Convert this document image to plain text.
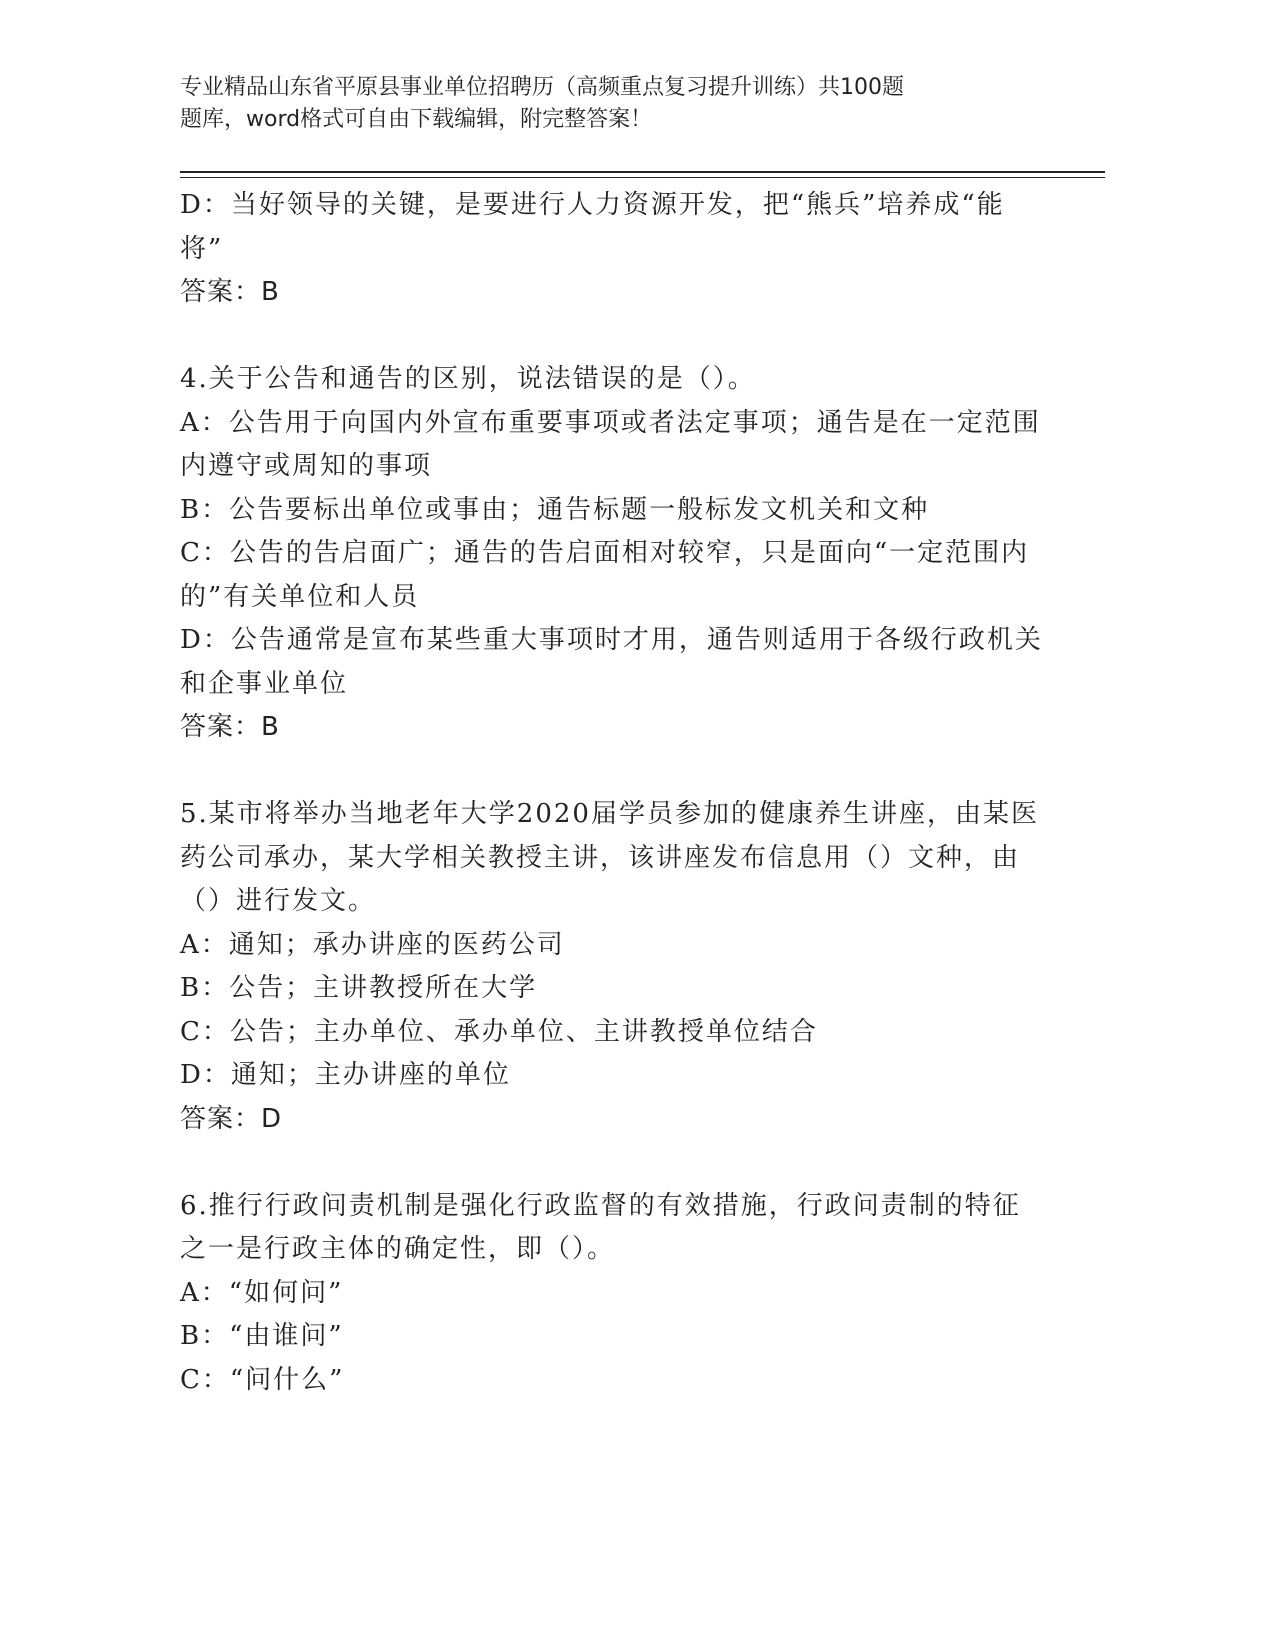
专业精品山东省平原县事业单位招聘历（高频重点复习提升训练）共100题
题库，word格式可自由下载编辑，附完整答案！
D：当好领导的关键，是要进行人力资源开发，把“熊兵”培养成“能
将”
答案：B
4.关于公告和通告的区别，说法错误的是（）。
A：公告用于向国内外宣布重要事项或者法定事项；通告是在一定范围
内遵守或周知的事项
B：公告要标出单位或事由；通告标题一般标发文机关和文种
C：公告的告启面广；通告的告启面相对较窄，只是面向“一定范围内
的”有关单位和人员
D：公告通常是宣布某些重大事项时才用，通告则适用于各级行政机关
和企事业单位
答案：B
5.某市将举办当地老年大学2020届学员参加的健康养生讲座，由某医
药公司承办，某大学相关教授主讲，该讲座发布信息用（）文种，由
（）进行发文。
A：通知；承办讲座的医药公司
B：公告；主讲教授所在大学
C：公告；主办单位、承办单位、主讲教授单位结合
D：通知；主办讲座的单位
答案：D
6.推行行政问责机制是强化行政监督的有效措施，行政问责制的特征
之一是行政主体的确定性，即（）。
A：“如何问”
B：“由谁问”
C：“问什么”
